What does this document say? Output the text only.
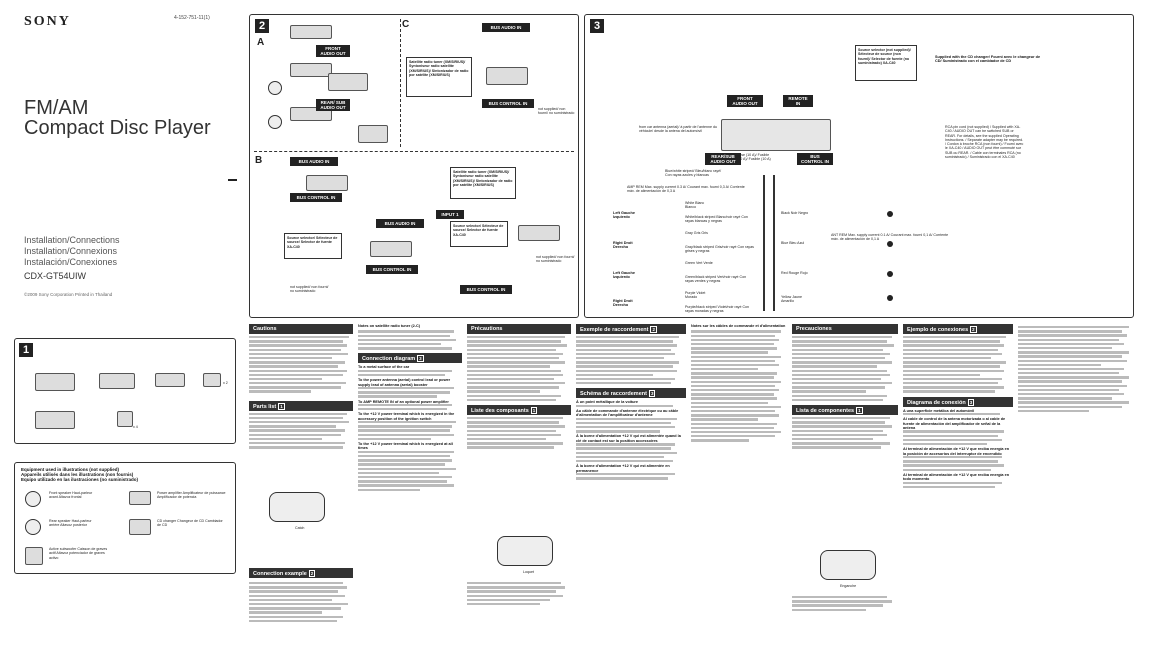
SONY	4-152-751-11(1)
FM/AM
Compact Disc Player
Installation/Connections
Installation/Connexions
Instalación/Conexiones
CDX-GT54UIW
©2009 Sony Corporation Printed in Thailand
2
A
C
B
FRONT AUDIO OUT
REAR/ SUB AUDIO OUT
BUS AUDIO IN
Satellite radio tuner (XM/SIRIUS)/ Syntoniseur radio satellite (XM/SIRIUS)/ Sintonizador de radio por satélite (XM/SIRIUS)
BUS CONTROL IN
not supplied/ non fourni/ no suministrado
BUS AUDIO IN
BUS CONTROL IN
BUS AUDIO IN
Source selector/ Sélecteur de source/ Selector de fuente XA-C40
BUS CONTROL IN
not supplied/ non fourni/ no suministrado
Satellite radio tuner (XM/SIRIUS)/ Syntoniseur radio satellite (XM/SIRIUS)/ Sintonizador de radio por satélite (XM/SIRIUS)
INPUT 1
Source selector/ Sélecteur de source/ Selector de fuente XA-C40
BUS CONTROL IN
not supplied/ non fourni/ no suministrado
3
from car antenna (aerial)/ à partir de l'antenne du véhicule/ desde la antena del automóvil
Source selector (not supplied)/ Sélecteur de source (non fourni)/ Selector de fuente (no suministrado) XA-C40
Supplied with the CD changer/ Fourni avec le changeur de CD/ Suministrado con el cambiador de CD
FRONT AUDIO OUT
REMOTE IN
REAR/SUB AUDIO OUT
BUS CONTROL IN
Fuse (10 A)/ Fusible (10 A)/ Fusible (10 A)
Blue/white striped/ Bleu/blanc rayé/ Con rayas azules y blancas
AMP REM Max. supply current 0.3 A/ Courant max. fourni 0,3 A/ Corriente máx. de alimentación de 0,3 A
Left Gauche Izquierdo
Right Droit Derecho
Left Gauche Izquierdo
Right Droit Derecho
White Blanc Blanco
White/black striped Blanc/noir rayé Con rayas blancas y negras
Gray Gris Gris
Gray/black striped Gris/noir rayé Con rayas grises y negras
Green Vert Verde
Green/black striped Vert/noir rayé Con rayas verdes y negras
Purple Violet Morado
Purple/black striped Violet/noir rayé Con rayas moradas y negras
Black Noir Negro
Blue Bleu Azul
Red Rouge Rojo
Yellow Jaune Amarillo
ANT REM Max. supply current 0.1 A/ Courant max. fourni 0,1 A/ Corriente máx. de alimentación de 0,1 A
RCA pin cord (not supplied) / Supplied with XA-C40 / AUDIO OUT can be switched SUB or REAR. For details, see the supplied Operating Instructions. / Separate adapter may be required. / Cordon à broche RCA (non fourni) / Fourni avec le XA-C40 / AUDIO OUT peut être commuté sur SUB ou REAR. / Cable con terminales RCA (no suministrado) / Suministrado con el XA-C40
1
x 2
x 4
Equipment used in illustrations (not supplied)
Appareils utilisés dans les illustrations (non fournis)
Equipo utilizado en las ilustraciones (no suministrado)
Front speaker Haut-parleur avant Altavoz frontal
Power amplifier Amplificateur de puissance Amplificador de potencia
Rear speaker Haut-parleur arrière Altavoz posterior
CD changer Changeur de CD Cambiador de CD
Active subwoofer Caisson de graves actif Altavoz potenciador de graves activo
Cautions
Parts list 1
Catch
Connection example 2
Notes on satellite radio tuner (2-C)
Connection diagram 3
To a metal surface of the car
To the power antenna (aerial) control lead or power supply lead of antenna (aerial) booster
To AMP REMOTE IN of an optional power amplifier
To the +12 V power terminal which is energized in the accessory position of the ignition switch
To the +12 V power terminal which is energized at all times
Précautions
Liste des composants 1
Loquet
Exemple de raccordement 2
Schéma de raccordement 3
À un point métallique de la voiture
Au câble de commande d'antenne électrique ou au câble d'alimentation de l'amplificateur d'antenne
À la borne d'alimentation +12 V qui est alimentée quand la clé de contact est sur la position accessoires
À la borne d'alimentation +12 V qui est alimentée en permanence
Notes sur les câbles de commande et d'alimentation	Precauciones
Lista de componentes 1
Enganche
Ejemplo de conexiones 2
Diagrama de conexión 3
A una superficie metálica del automóvil
Al cable de control de la antena motorizada o al cable de fuente de alimentación del amplificador de señal de la antena
Al terminal de alimentación de +12 V que reciba energía en la posición de accesorios del interruptor de encendido
Al terminal de alimentación de +12 V que reciba energía en todo momento
